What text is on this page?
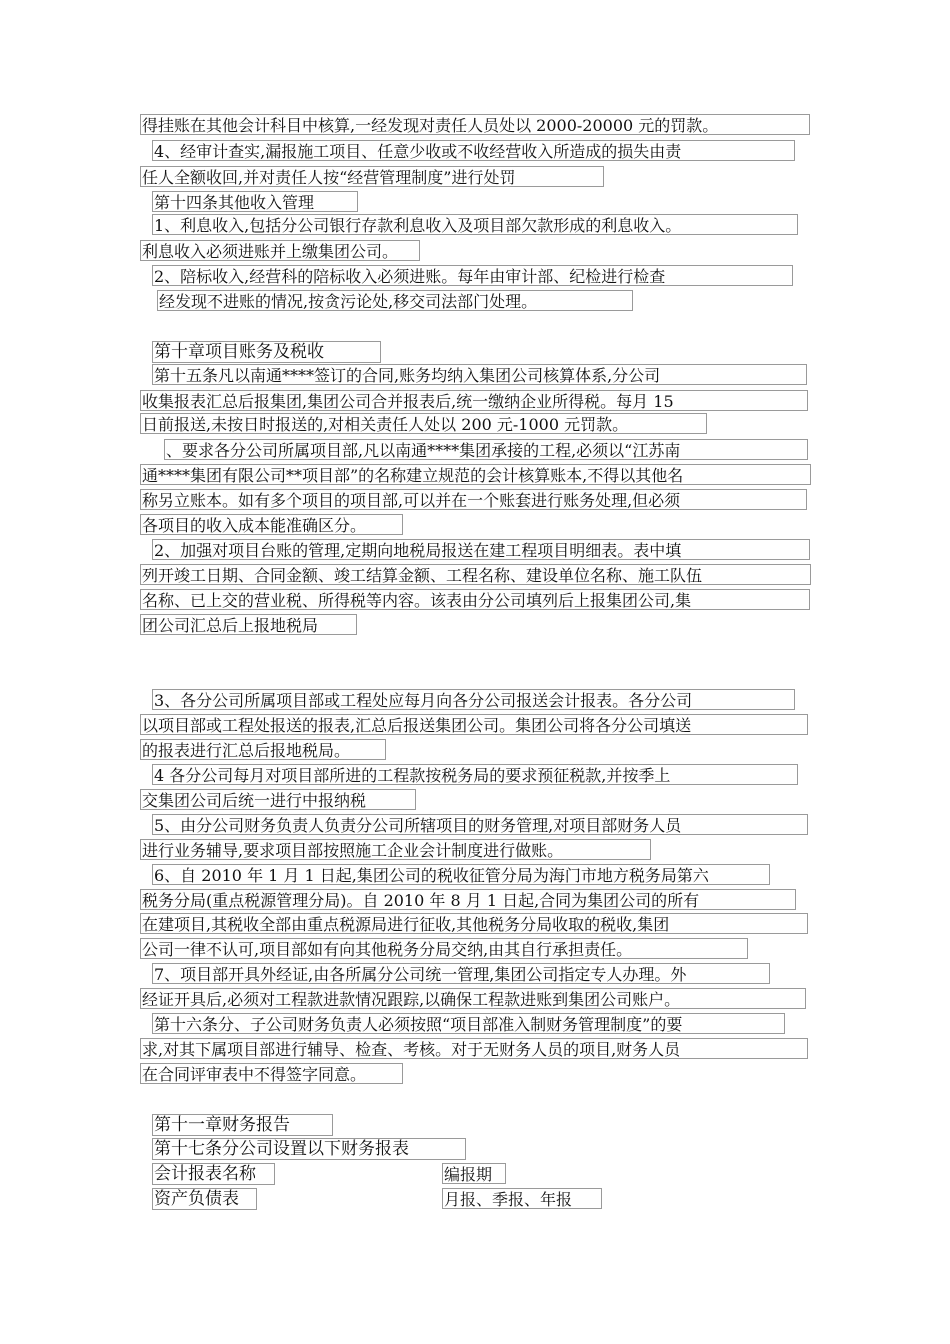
得挂账在其他会计科目中核算,一经发现对责任人员处以 2000-20000 元的罚款。
4、经审计查实,漏报施工项目、任意少收或不收经营收入所造成的损失由责
任人全额收回,并对责任人按“经营管理制度”进行处罚
第十四条其他收入管理
1、利息收入,包括分公司银行存款利息收入及项目部欠款形成的利息收入。
利息收入必须进账并上缴集团公司。
2、陪标收入,经营科的陪标收入必须进账。每年由审计部、纪检进行检查
经发现不进账的情况,按贪污论处,移交司法部门处理。
第十章项目账务及税收
第十五条凡以南通****签订的合同,账务均纳入集团公司核算体系,分公司
收集报表汇总后报集团,集团公司合并报表后,统一缴纳企业所得税。每月 15
日前报送,未按日时报送的,对相关责任人处以 200 元-1000 元罚款。
、要求各分公司所属项目部,凡以南通****集团承接的工程,必须以“江苏南
通****集团有限公司**项目部”的名称建立规范的会计核算账本,不得以其他名
称另立账本。如有多个项目的项目部,可以并在一个账套进行账务处理,但必须
各项目的收入成本能准确区分。
2、加强对项目台账的管理,定期向地税局报送在建工程项目明细表。表中填
列开竣工日期、合同金额、竣工结算金额、工程名称、建设单位名称、施工队伍
名称、已上交的营业税、所得税等内容。该表由分公司填列后上报集团公司,集
团公司汇总后上报地税局
3、各分公司所属项目部或工程处应每月向各分公司报送会计报表。各分公司
以项目部或工程处报送的报表,汇总后报送集团公司。集团公司将各分公司填送
的报表进行汇总后报地税局。
4 各分公司每月对项目部所进的工程款按税务局的要求预征税款,并按季上
交集团公司后统一进行中报纳税
5、由分公司财务负责人负责分公司所辖项目的财务管理,对项目部财务人员
进行业务辅导,要求项目部按照施工企业会计制度进行做账。
6、自 2010 年 1 月 1 日起,集团公司的税收征管分局为海门市地方税务局第六
税务分局(重点税源管理分局)。自 2010 年 8 月 1 日起,合同为集团公司的所有
在建项目,其税收全部由重点税源局进行征收,其他税务分局收取的税收,集团
公司一律不认可,项目部如有向其他税务分局交纳,由其自行承担责任。
7、项目部开具外经证,由各所属分公司统一管理,集团公司指定专人办理。外
经证开具后,必须对工程款进款情况跟踪,以确保工程款进账到集团公司账户。
第十六条分、子公司财务负责人必须按照“项目部准入制财务管理制度”的要
求,对其下属项目部进行辅导、检查、考核。对于无财务人员的项目,财务人员
在合同评审表中不得签字同意。
第十一章财务报告
第十七条分公司设置以下财务报表
会计报表名称	编报期
资产负债表	月报、季报、年报
